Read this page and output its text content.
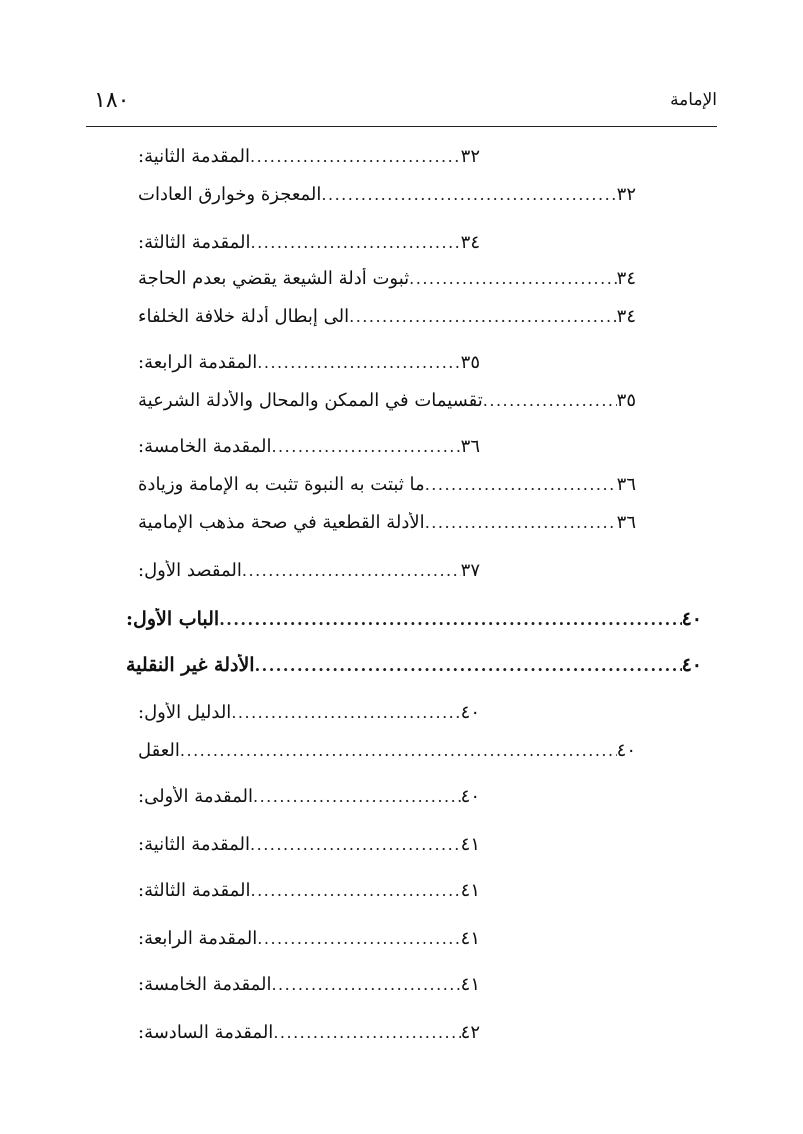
١٨٠	الإمامة
المقدمة الثانية: .....	٣٢
المعجزة وخوارق العادات .....	٣٢
المقدمة الثالثة: .....	٣٤
ثبوت أدلة الشيعة يقضي بعدم الحاجة .....	٣٤
الى إبطال أدلة خلافة الخلفاء .....	٣٤
المقدمة الرابعة: .....	٣٥
تقسيمات في الممكن والمحال والأدلة الشرعية .....	٣٥
المقدمة الخامسة: .....	٣٦
ما ثبتت به النبوة تثبت به الإمامة وزيادة .....	٣٦
الأدلة القطعية في صحة مذهب الإمامية .....	٣٦
المقصد الأول: .....	٣٧
الباب الأول: .....	٤٠
الأدلة غير النقلية .....	٤٠
الدليل الأول: .....	٤٠
العقل .....	٤٠
المقدمة الأولى: .....	٤٠
المقدمة الثانية: .....	٤١
المقدمة الثالثة: .....	٤١
المقدمة الرابعة: .....	٤١
المقدمة الخامسة: .....	٤١
المقدمة السادسة: .....	٤٢
